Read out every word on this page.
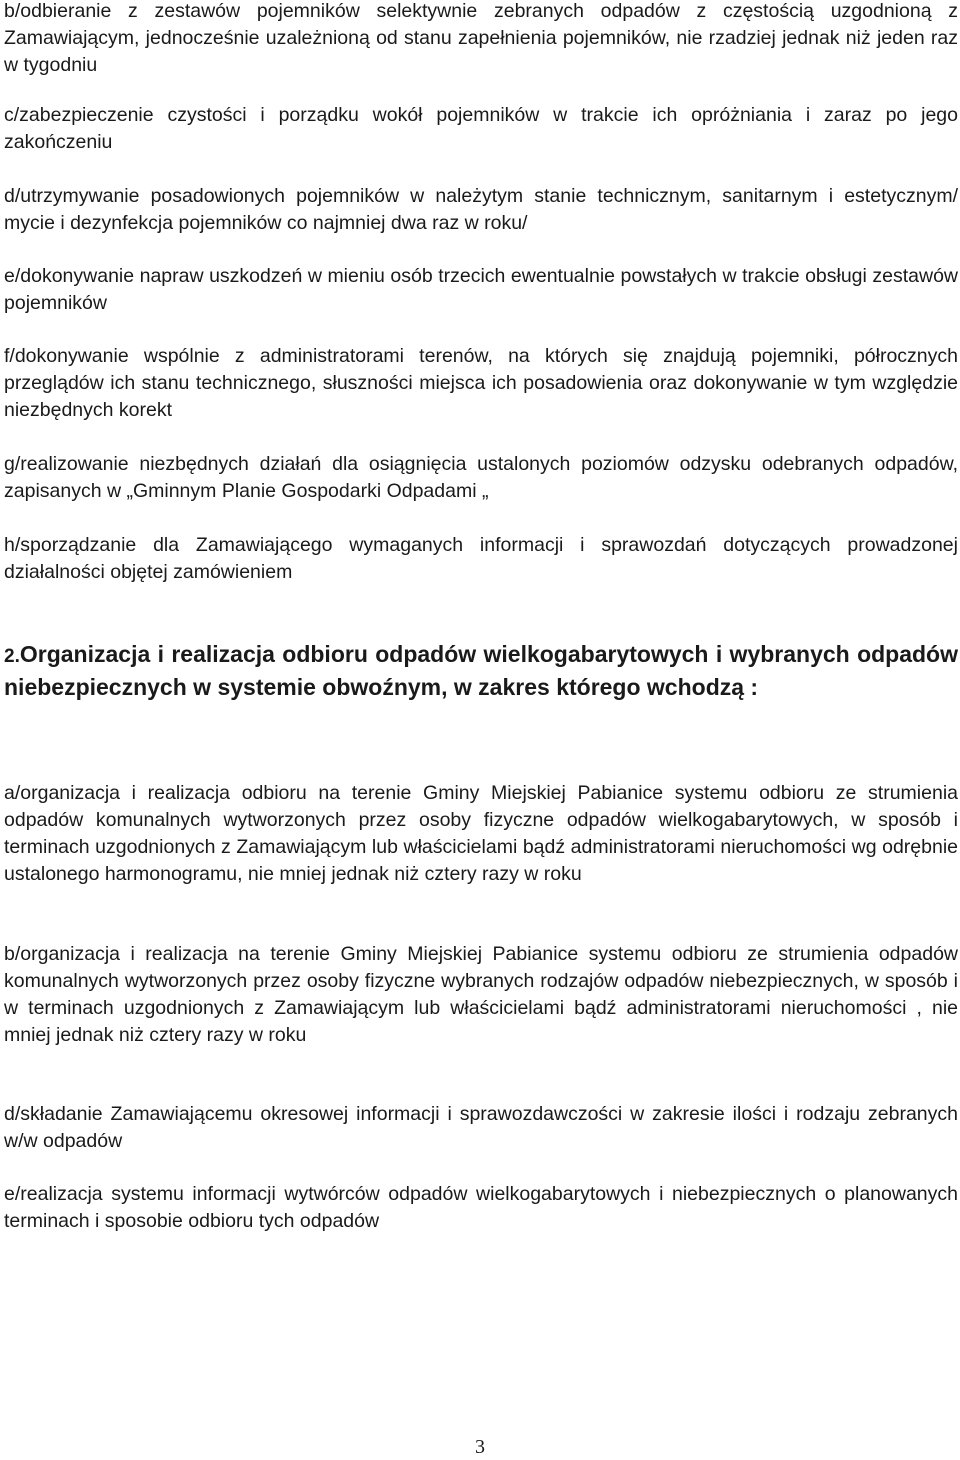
b/odbieranie z zestawów pojemników selektywnie zebranych odpadów z częstością uzgodnioną z Zamawiającym, jednocześnie uzależnioną od stanu zapełnienia pojemników, nie rzadziej jednak niż jeden raz w tygodniu

c/zabezpieczenie czystości i porządku wokół pojemników w trakcie ich opróżniania i zaraz po jego zakończeniu

d/utrzymywanie posadowionych pojemników w należytym stanie technicznym, sanitarnym i estetycznym/ mycie i dezynfekcja pojemników co najmniej dwa raz w roku/

e/dokonywanie napraw uszkodzeń w mieniu osób trzecich ewentualnie powstałych w trakcie obsługi zestawów pojemników

f/dokonywanie wspólnie z administratorami terenów, na których się znajdują pojemniki, półrocznych przeglądów ich stanu technicznego, słuszności miejsca ich posadowienia oraz dokonywanie w tym względzie niezbędnych korekt

g/realizowanie niezbędnych działań dla osiągnięcia ustalonych poziomów odzysku odebranych odpadów, zapisanych w „Gminnym Planie Gospodarki Odpadami „

h/sporządzanie dla Zamawiającego wymaganych informacji i sprawozdań dotyczących prowadzonej działalności objętej zamówieniem

2.Organizacja i realizacja odbioru odpadów wielkogabarytowych i wybranych odpadów niebezpiecznych w systemie obwoźnym, w zakres którego wchodzą :

a/organizacja i realizacja odbioru na terenie Gminy Miejskiej Pabianice systemu odbioru ze strumienia odpadów komunalnych wytworzonych przez osoby fizyczne odpadów wielkogabarytowych, w sposób i terminach uzgodnionych z Zamawiającym lub właścicielami bądź administratorami nieruchomości wg odrębnie ustalonego harmonogramu, nie mniej jednak niż cztery razy w roku

b/organizacja i realizacja na terenie Gminy Miejskiej Pabianice systemu odbioru ze strumienia odpadów komunalnych wytworzonych przez osoby fizyczne wybranych rodzajów odpadów niebezpiecznych, w sposób i w terminach uzgodnionych z Zamawiającym lub właścicielami bądź administratorami nieruchomości , nie mniej jednak niż cztery razy w roku

d/składanie Zamawiającemu okresowej informacji i sprawozdawczości w zakresie ilości i rodzaju zebranych w/w odpadów

e/realizacja systemu informacji wytwórców odpadów wielkogabarytowych i niebezpiecznych o planowanych terminach i sposobie odbioru tych odpadów

3
